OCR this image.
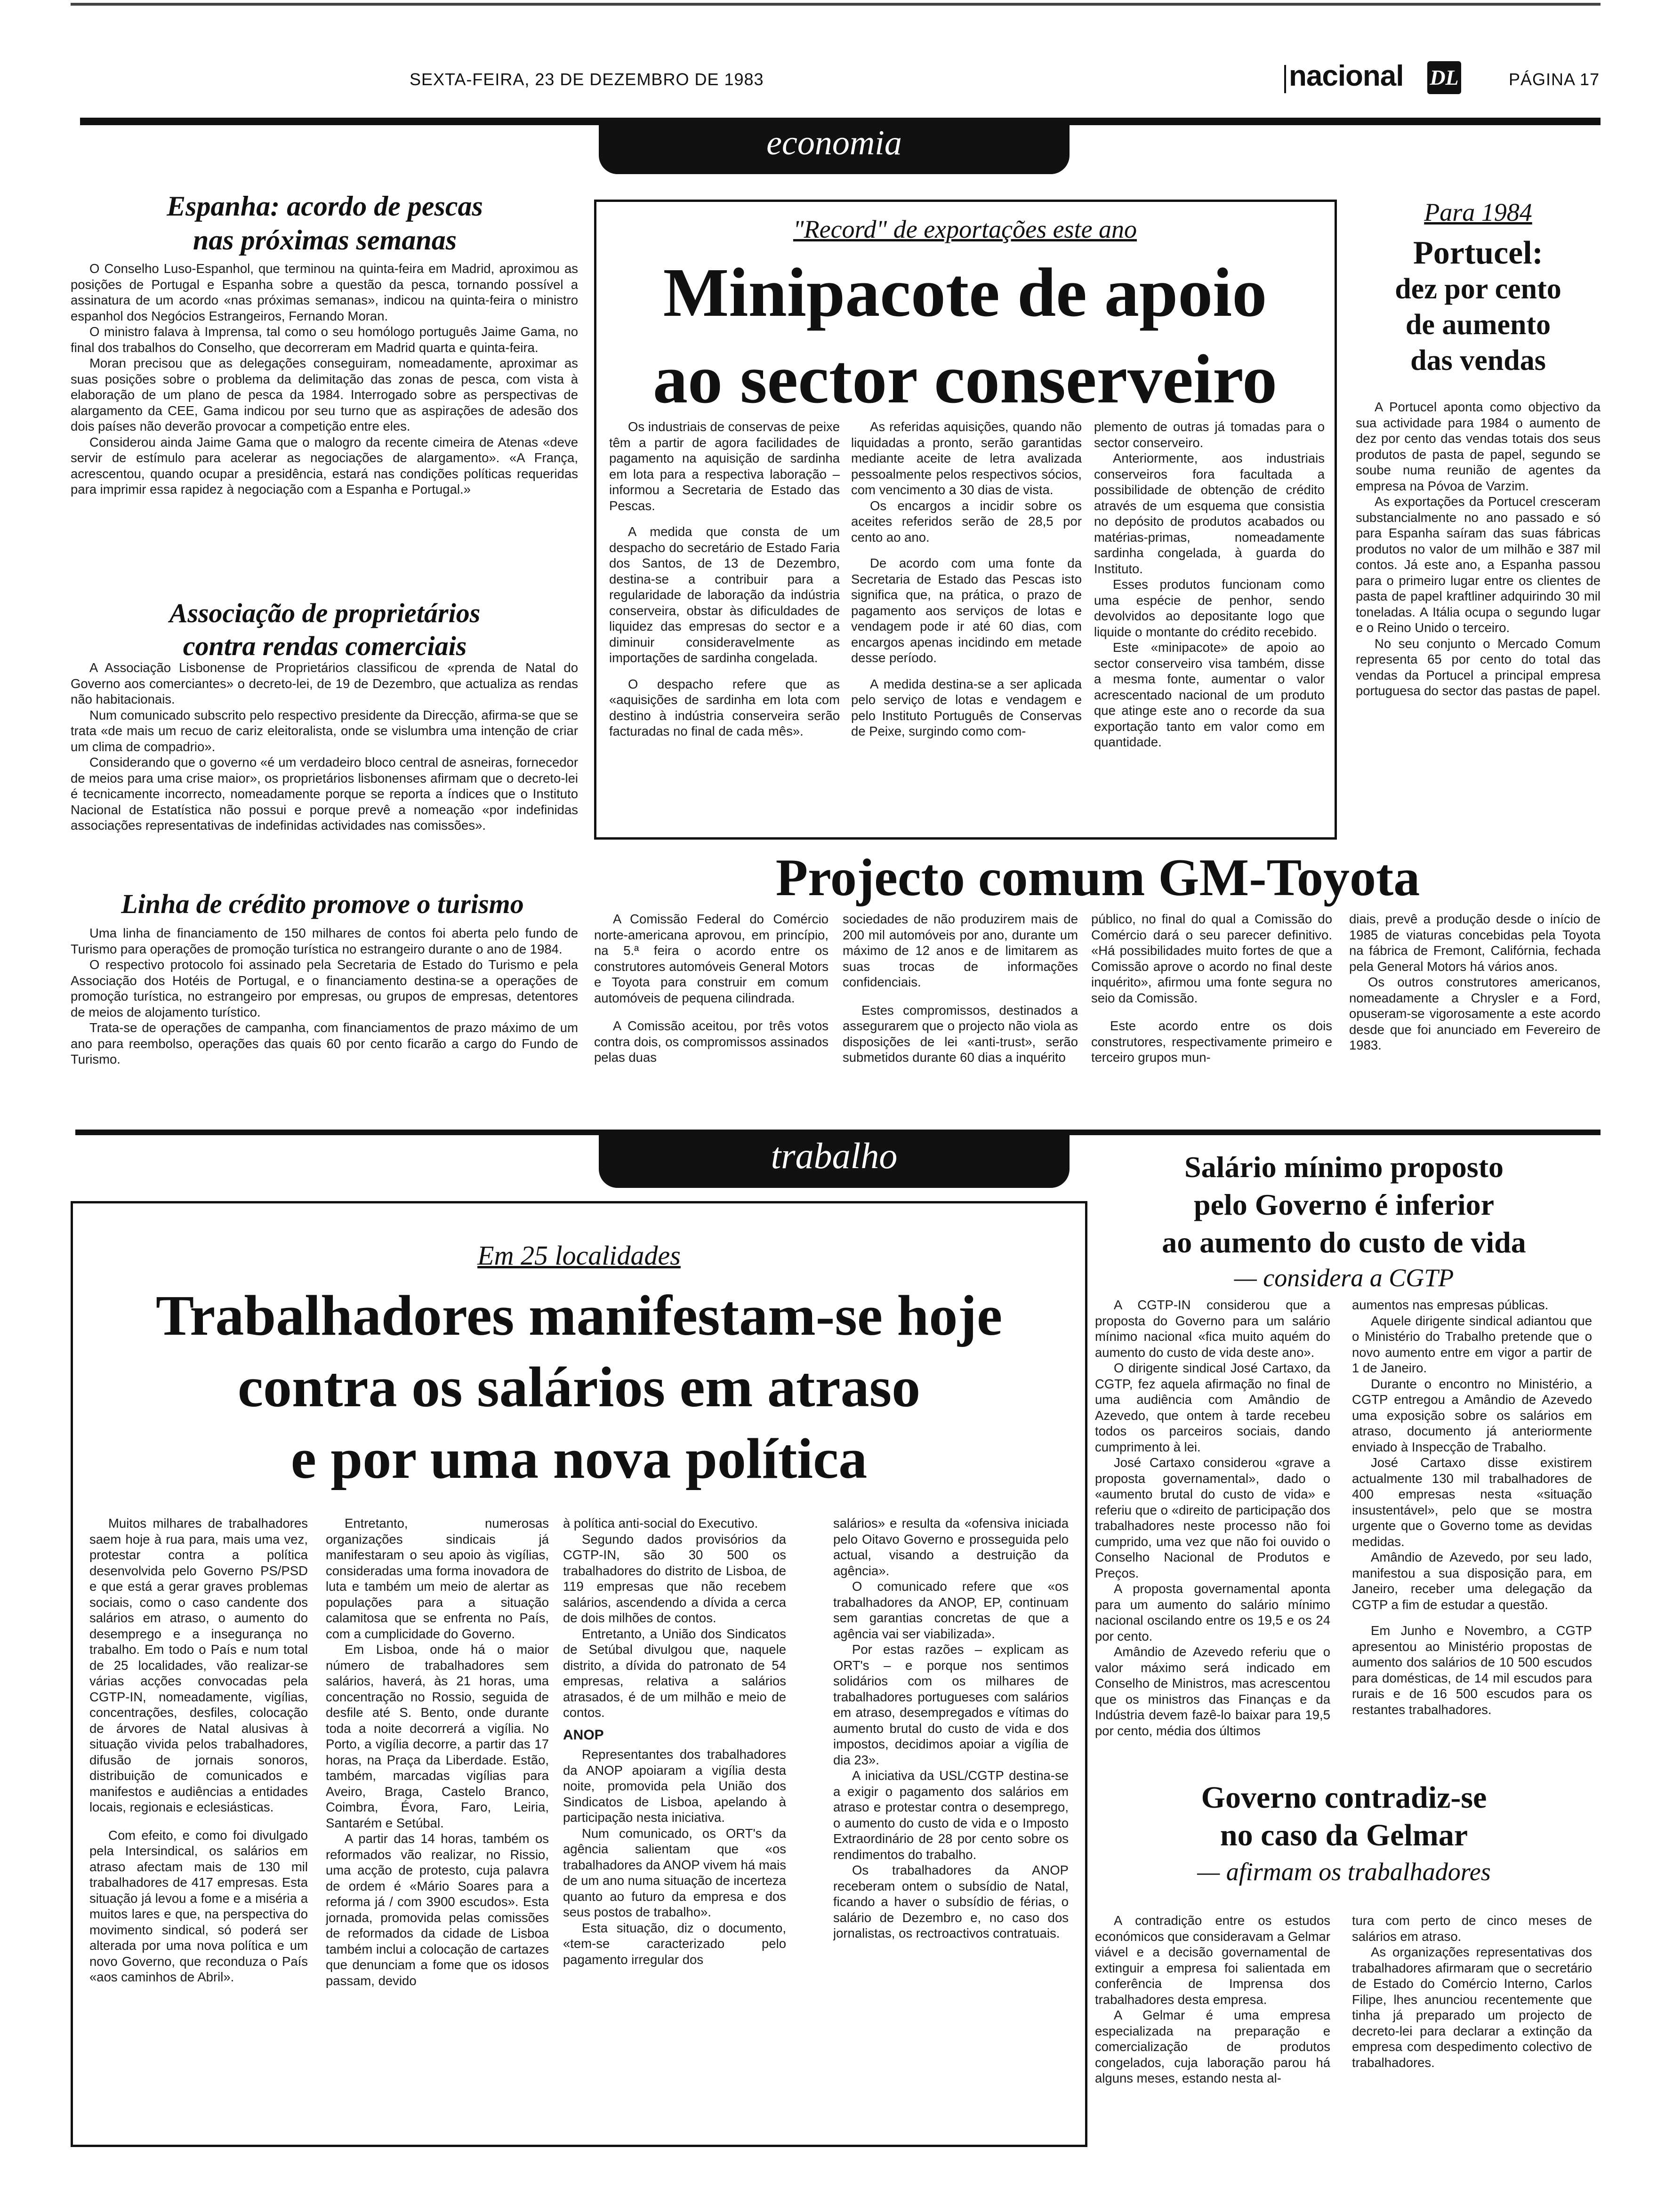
SEXTA-FEIRA, 23 DE DEZEMBRO DE 1983	nacional DL	PÁGINA 17
economia
Espanha: acordo de pescas
nas próximas semanas

O Conselho Luso-Espanhol, que terminou na quinta-feira em Madrid, aproximou as posições de Portugal e Espanha sobre a questão da pesca, tornando possível a assinatura de um acordo «nas próximas semanas», indicou na quinta-feira o ministro espanhol dos Negócios Estrangeiros, Fernando Moran.

O ministro falava à Imprensa, tal como o seu homólogo português Jaime Gama, no final dos trabalhos do Conselho, que decorreram em Madrid quarta e quinta-feira.

Moran precisou que as delegações conseguiram, nomeadamente, aproximar as suas posições sobre o problema da delimitação das zonas de pesca, com vista à elaboração de um plano de pesca da 1984. Interrogado sobre as perspectivas de alargamento da CEE, Gama indicou por seu turno que as aspirações de adesão dos dois países não deverão provocar a competição entre eles.

Considerou ainda Jaime Gama que o malogro da recente cimeira de Atenas «deve servir de estímulo para acelerar as negociações de alargamento». «A França, acrescentou, quando ocupar a presidência, estará nas condições políticas requeridas para imprimir essa rapidez à negociação com a Espanha e Portugal.»

Associação de proprietários
contra rendas comerciais

A Associação Lisbonense de Proprietários classificou de «prenda de Natal do Governo aos comerciantes» o decreto-lei, de 19 de Dezembro, que actualiza as rendas não habitacionais.

Num comunicado subscrito pelo respectivo presidente da Direcção, afirma-se que se trata «de mais um recuo de cariz eleitoralista, onde se vislumbra uma intenção de criar um clima de compadrio».

Considerando que o governo «é um verdadeiro bloco central de asneiras, fornecedor de meios para uma crise maior», os proprietários lisbonenses afirmam que o decreto-lei é tecnicamente incorrecto, nomeadamente porque se reporta a índices que o Instituto Nacional de Estatística não possui e porque prevê a nomeação «por indefinidas associações representativas de indefinidas actividades nas comissões».

Linha de crédito promove o turismo

Uma linha de financiamento de 150 milhares de contos foi aberta pelo fundo de Turismo para operações de promoção turística no estrangeiro durante o ano de 1984.

O respectivo protocolo foi assinado pela Secretaria de Estado do Turismo e pela Associação dos Hotéis de Portugal, e o financiamento destina-se a operações de promoção turística, no estrangeiro por empresas, ou grupos de empresas, detentores de meios de alojamento turístico.

Trata-se de operações de campanha, com financiamentos de prazo máximo de um ano para reembolso, operações das quais 60 por cento ficarão a cargo do Fundo de Turismo.

"Record" de exportações este ano
Minipacote de apoio
ao sector conserveiro

Os industriais de conservas de peixe têm a partir de agora facilidades de pagamento na aquisição de sardinha em lota para a respectiva laboração – informou a Secretaria de Estado das Pescas.

A medida que consta de um despacho do secretário de Estado Faria dos Santos, de 13 de Dezembro, destina-se a contribuir para a regularidade de laboração da indústria conserveira, obstar às dificuldades de liquidez das empresas do sector e a diminuir consideravelmente as importações de sardinha congelada.

O despacho refere que as «aquisições de sardinha em lota com destino à indústria conserveira serão facturadas no final de cada mês».

As referidas aquisições, quando não liquidadas a pronto, serão garantidas mediante aceite de letra avalizada pessoalmente pelos respectivos sócios, com vencimento a 30 dias de vista.

Os encargos a incidir sobre os aceites referidos serão de 28,5 por cento ao ano.

De acordo com uma fonte da Secretaria de Estado das Pescas isto significa que, na prática, o prazo de pagamento aos serviços de lotas e vendagem pode ir até 60 dias, com encargos apenas incidindo em metade desse período.

A medida destina-se a ser aplicada pelo serviço de lotas e vendagem e pelo Instituto Português de Conservas de Peixe, surgindo como com-

plemento de outras já tomadas para o sector conserveiro.

Anteriormente, aos industriais conserveiros fora facultada a possibilidade de obtenção de crédito através de um esquema que consistia no depósito de produtos acabados ou matérias-primas, nomeadamente sardinha congelada, à guarda do Instituto.

Esses produtos funcionam como uma espécie de penhor, sendo devolvidos ao depositante logo que liquide o montante do crédito recebido.

Este «minipacote» de apoio ao sector conserveiro visa também, disse a mesma fonte, aumentar o valor acrescentado nacional de um produto que atinge este ano o recorde da sua exportação tanto em valor como em quantidade.

Para 1984
Portucel:
dez por cento
de aumento
das vendas

A Portucel aponta como objectivo da sua actividade para 1984 o aumento de dez por cento das vendas totais dos seus produtos de pasta de papel, segundo se soube numa reunião de agentes da empresa na Póvoa de Varzim.

As exportações da Portucel cresceram substancialmente no ano passado e só para Espanha saíram das suas fábricas produtos no valor de um milhão e 387 mil contos. Já este ano, a Espanha passou para o primeiro lugar entre os clientes de pasta de papel kraftliner adquirindo 30 mil toneladas. A Itália ocupa o segundo lugar e o Reino Unido o terceiro.

No seu conjunto o Mercado Comum representa 65 por cento do total das vendas da Portucel a principal empresa portuguesa do sector das pastas de papel.

Projecto comum GM-Toyota

A Comissão Federal do Comércio norte-americana aprovou, em princípio, na 5.ª feira o acordo entre os construtores automóveis General Motors e Toyota para construir em comum automóveis de pequena cilindrada.

A Comissão aceitou, por três votos contra dois, os compromissos assinados pelas duas

sociedades de não produzirem mais de 200 mil automóveis por ano, durante um máximo de 12 anos e de limitarem as suas trocas de informações confidenciais.

Estes compromissos, destinados a assegurarem que o projecto não viola as disposições de lei «anti-trust», serão submetidos durante 60 dias a inquérito

público, no final do qual a Comissão do Comércio dará o seu parecer definitivo. «Há possibilidades muito fortes de que a Comissão aprove o acordo no final deste inquérito», afirmou uma fonte segura no seio da Comissão.

Este acordo entre os dois construtores, respectivamente primeiro e terceiro grupos mun-

diais, prevê a produção desde o início de 1985 de viaturas concebidas pela Toyota na fábrica de Fremont, Califórnia, fechada pela General Motors há vários anos.

Os outros construtores americanos, nomeadamente a Chrysler e a Ford, opuseram-se vigorosamente a este acordo desde que foi anunciado em Fevereiro de 1983.

trabalho
Em 25 localidades
Trabalhadores manifestam-se hoje
contra os salários em atraso
e por uma nova política

Muitos milhares de trabalhadores saem hoje à rua para, mais uma vez, protestar contra a política desenvolvida pelo Governo PS/PSD e que está a gerar graves problemas sociais, como o caso candente dos salários em atraso, o aumento do desemprego e a insegurança no trabalho. Em todo o País e num total de 25 localidades, vão realizar-se várias acções convocadas pela CGTP-IN, nomeadamente, vigílias, concentrações, desfiles, colocação de árvores de Natal alusivas à situação vivida pelos trabalhadores, difusão de jornais sonoros, distribuição de comunicados e manifestos e audiências a entidades locais, regionais e eclesiásticas.

Com efeito, e como foi divulgado pela Intersindical, os salários em atraso afectam mais de 130 mil trabalhadores de 417 empresas. Esta situação já levou a fome e a miséria a muitos lares e que, na perspectiva do movimento sindical, só poderá ser alterada por uma nova política e um novo Governo, que reconduza o País «aos caminhos de Abril».

Entretanto, numerosas organizações sindicais já manifestaram o seu apoio às vigílias, consideradas uma forma inovadora de luta e também um meio de alertar as populações para a situação calamitosa que se enfrenta no País, com a cumplicidade do Governo.

Em Lisboa, onde há o maior número de trabalhadores sem salários, haverá, às 21 horas, uma concentração no Rossio, seguida de desfile até S. Bento, onde durante toda a noite decorrerá a vigília. No Porto, a vigília decorre, a partir das 17 horas, na Praça da Liberdade. Estão, também, marcadas vigílias para Aveiro, Braga, Castelo Branco, Coimbra, Évora, Faro, Leiria, Santarém e Setúbal.

A partir das 14 horas, também os reformados vão realizar, no Rissio, uma acção de protesto, cuja palavra de ordem é «Mário Soares para a reforma já / com 3900 escudos». Esta jornada, promovida pelas comissões de reformados da cidade de Lisboa também inclui a colocação de cartazes que denunciam a fome que os idosos passam, devido

à política anti-social do Executivo.

Segundo dados provisórios da CGTP-IN, são 30 500 os trabalhadores do distrito de Lisboa, de 119 empresas que não recebem salários, ascendendo a dívida a cerca de dois milhões de contos.

Entretanto, a União dos Sindicatos de Setúbal divulgou que, naquele distrito, a dívida do patronato de 54 empresas, relativa a salários atrasados, é de um milhão e meio de contos.

ANOP

Representantes dos trabalhadores da ANOP apoiaram a vigília desta noite, promovida pela União dos Sindicatos de Lisboa, apelando à participação nesta iniciativa.

Num comunicado, os ORT's da agência salientam que «os trabalhadores da ANOP vivem há mais de um ano numa situação de incerteza quanto ao futuro da empresa e dos seus postos de trabalho».

Esta situação, diz o documento, «tem-se caracterizado pelo pagamento irregular dos

salários» e resulta da «ofensiva iniciada pelo Oitavo Governo e prosseguida pelo actual, visando a destruição da agência».

O comunicado refere que «os trabalhadores da ANOP, EP, continuam sem garantias concretas de que a agência vai ser viabilizada».

Por estas razões – explicam as ORT's – e porque nos sentimos solidários com os milhares de trabalhadores portugueses com salários em atraso, desempregados e vítimas do aumento brutal do custo de vida e dos impostos, decidimos apoiar a vigília de dia 23».

A iniciativa da USL/CGTP destina-se a exigir o pagamento dos salários em atraso e protestar contra o desemprego, o aumento do custo de vida e o Imposto Extraordinário de 28 por cento sobre os rendimentos do trabalho.

Os trabalhadores da ANOP receberam ontem o subsídio de Natal, ficando a haver o subsídio de férias, o salário de Dezembro e, no caso dos jornalistas, os rectroactivos contratuais.

Salário mínimo proposto
pelo Governo é inferior
ao aumento do custo de vida
— considera a CGTP

A CGTP-IN considerou que a proposta do Governo para um salário mínimo nacional «fica muito aquém do aumento do custo de vida deste ano».

O dirigente sindical José Cartaxo, da CGTP, fez aquela afirmação no final de uma audiência com Amândio de Azevedo, que ontem à tarde recebeu todos os parceiros sociais, dando cumprimento à lei.

José Cartaxo considerou «grave a proposta governamental», dado o «aumento brutal do custo de vida» e referiu que o «direito de participação dos trabalhadores neste processo não foi cumprido, uma vez que não foi ouvido o Conselho Nacional de Produtos e Preços.

A proposta governamental aponta para um aumento do salário mínimo nacional oscilando entre os 19,5 e os 24 por cento.

Amândio de Azevedo referiu que o valor máximo será indicado em Conselho de Ministros, mas acrescentou que os ministros das Finanças e da Indústria devem fazê-lo baixar para 19,5 por cento, média dos últimos

aumentos nas empresas públicas.

Aquele dirigente sindical adiantou que o Ministério do Trabalho pretende que o novo aumento entre em vigor a partir de 1 de Janeiro.

Durante o encontro no Ministério, a CGTP entregou a Amândio de Azevedo uma exposição sobre os salários em atraso, documento já anteriormente enviado à Inspecção de Trabalho.

José Cartaxo disse existirem actualmente 130 mil trabalhadores de 400 empresas nesta «situação insustentável», pelo que se mostra urgente que o Governo tome as devidas medidas.

Amândio de Azevedo, por seu lado, manifestou a sua disposição para, em Janeiro, receber uma delegação da CGTP a fim de estudar a questão.

Em Junho e Novembro, a CGTP apresentou ao Ministério propostas de aumento dos salários de 10 500 escudos para domésticas, de 14 mil escudos para rurais e de 16 500 escudos para os restantes trabalhadores.

Governo contradiz-se
no caso da Gelmar
— afirmam os trabalhadores

A contradição entre os estudos económicos que consideravam a Gelmar viável e a decisão governamental de extinguir a empresa foi salientada em conferência de Imprensa dos trabalhadores desta empresa.

A Gelmar é uma empresa especializada na preparação e comercialização de produtos congelados, cuja laboração parou há alguns meses, estando nesta al-

tura com perto de cinco meses de salários em atraso.

As organizações representativas dos trabalhadores afirmaram que o secretário de Estado do Comércio Interno, Carlos Filipe, lhes anunciou recentemente que tinha já preparado um projecto de decreto-lei para declarar a extinção da empresa com despedimento colectivo de trabalhadores.
